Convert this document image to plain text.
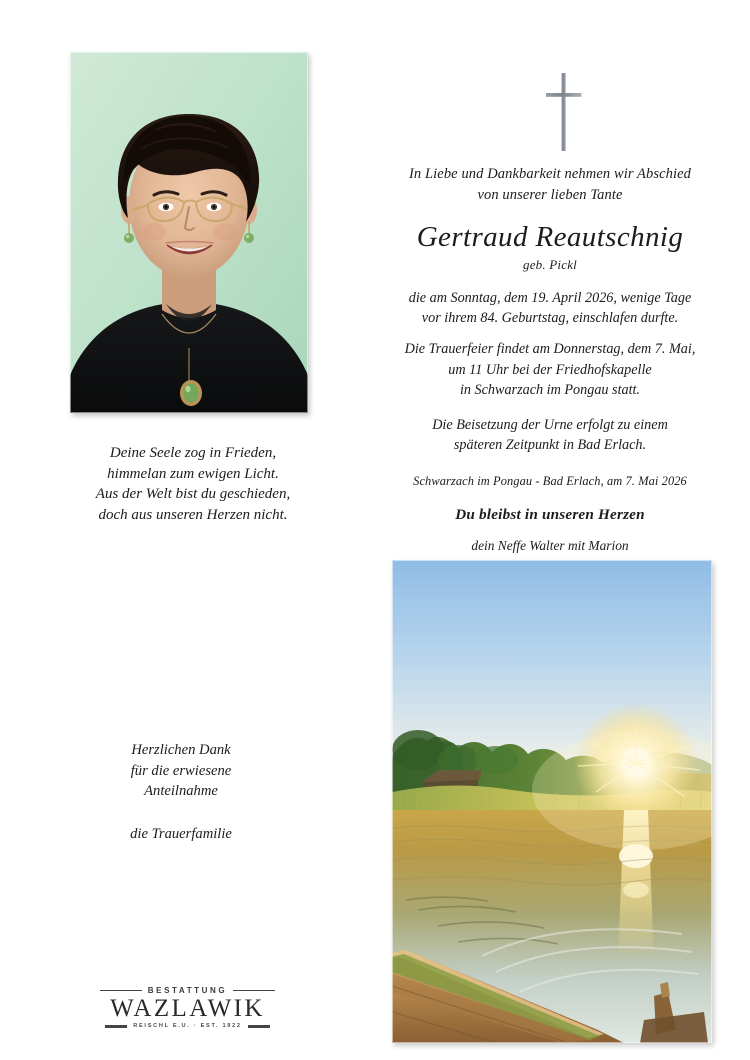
In Liebe und Dankbarkeit nehmen wir Abschied
von unserer lieben Tante
Gertraud Reautschnig
geb. Pickl
die am Sonntag, dem 19. April 2026, wenige Tage
vor ihrem 84. Geburtstag, einschlafen durfte.
Die Trauerfeier findet am Donnerstag, dem 7. Mai,
um 11 Uhr bei der Friedhofskapelle
in Schwarzach im Pongau statt.
Die Beisetzung der Urne erfolgt zu einem
späteren Zeitpunkt in Bad Erlach.
Schwarzach im Pongau - Bad Erlach, am 7. Mai 2026
Du bleibst in unseren Herzen
dein Neffe Walter mit Marion
Deine Seele zog in Frieden,
himmelan zum ewigen Licht.
Aus der Welt bist du geschieden,
doch aus unseren Herzen nicht.
Herzlichen Dank
für die erwiesene
Anteilnahme
die Trauerfamilie
BESTATTUNG
WAZLAWIK
REISCHL E.U. · EST. 1922
